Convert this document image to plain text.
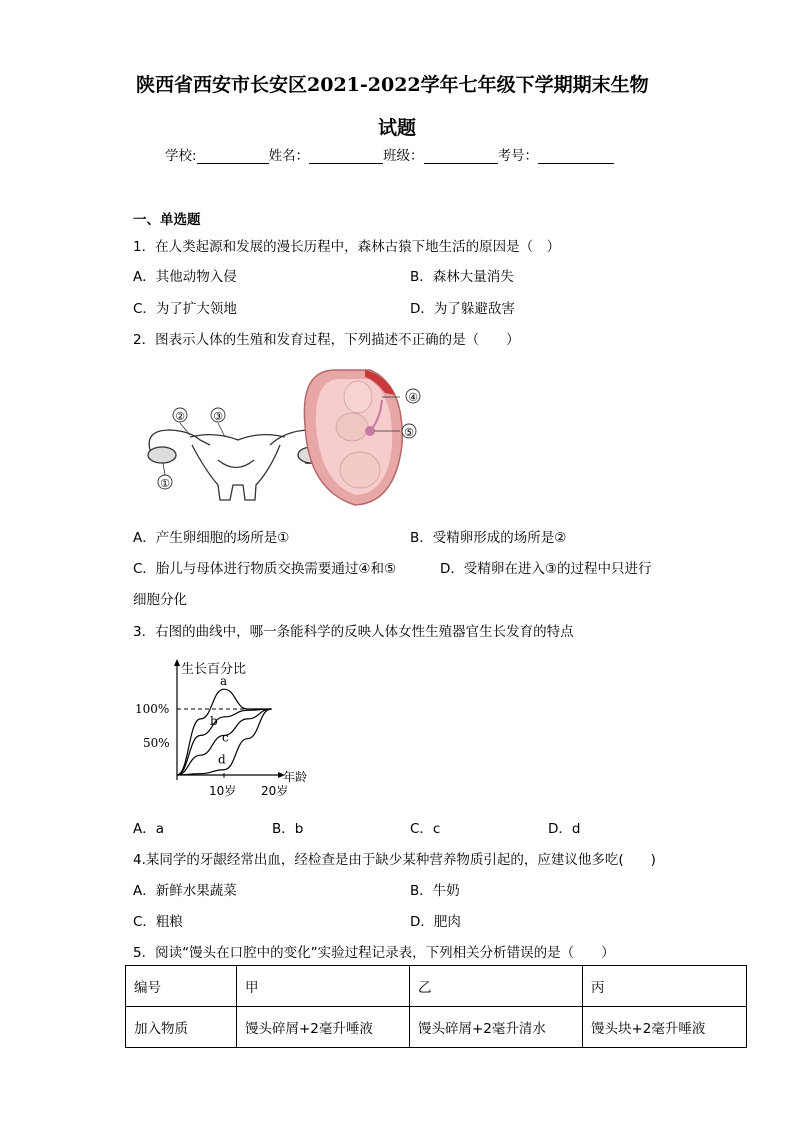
陕西省西安市长安区2021-2022学年七年级下学期期末生物
试题
学校:	姓名：	班级：	考号：
一、单选题
1．在人类起源和发展的漫长历程中，森林古猿下地生活的原因是（　）
A．其他动物入侵	B．森林大量消失
C．为了扩大领地	D．为了躲避敌害
2．图表示人体的生殖和发育过程，下列描述不正确的是（　　）
②	③
①
④
⑤
A．产生卵细胞的场所是①	B．受精卵形成的场所是②
C．胎儿与母体进行物质交换需要通过④和⑤	D．受精卵在进入③的过程中只进行
细胞分化
3．右图的曲线中，哪一条能科学的反映人体女性生殖器官生长发育的特点
生长百分比
年龄
100%
50%
10岁 20岁
a
b
c
d
A．a	B．b	C．c	D．d
4.某同学的牙龈经常出血，经检查是由于缺少某种营养物质引起的，应建议他多吃(　　)
A．新鲜水果蔬菜	B．牛奶
C．粗粮	D．肥肉
5．阅读“馒头在口腔中的变化”实验过程记录表，下列相关分析错误的是（　　）
编号	甲	乙	丙
加入物质	馒头碎屑+2毫升唾液	馒头碎屑+2毫升清水	馒头块+2毫升唾液
